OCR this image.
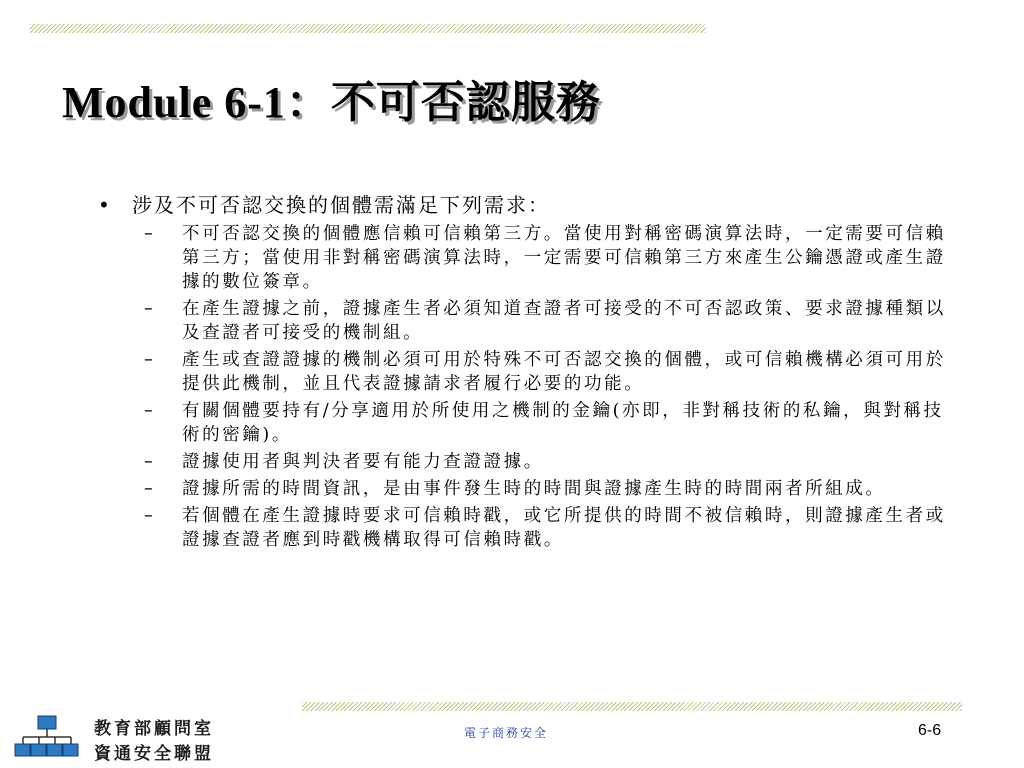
Module 6-1：不可否認服務
• 涉及不可否認交換的個體需滿足下列需求：
– 不可否認交換的個體應信賴可信賴第三方。當使用對稱密碼演算法時，一定需要可信賴第三方；當使用非對稱密碼演算法時，一定需要可信賴第三方來產生公鑰憑證或產生證據的數位簽章。
– 在產生證據之前，證據產生者必須知道查證者可接受的不可否認政策、要求證據種類以及查證者可接受的機制組。
– 產生或查證證據的機制必須可用於特殊不可否認交換的個體，或可信賴機構必須可用於提供此機制，並且代表證據請求者履行必要的功能。
– 有關個體要持有/分享適用於所使用之機制的金鑰(亦即，非對稱技術的私鑰，與對稱技術的密鑰)。
– 證據使用者與判決者要有能力查證證據。
– 證據所需的時間資訊，是由事件發生時的時間與證據產生時的時間兩者所組成。
– 若個體在產生證據時要求可信賴時戳，或它所提供的時間不被信賴時，則證據產生者或證據查證者應到時戳機構取得可信賴時戳。
教育部顧問室
資通安全聯盟
電子商務安全	6-6
